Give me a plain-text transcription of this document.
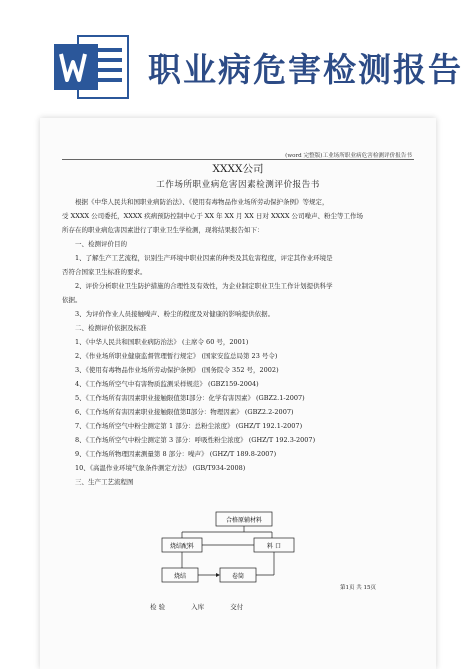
职业病危害检测报告
(word 完整版)工业场所职业病危害检测评价报告书
XXXX公司
工作场所职业病危害因素检测评价报告书

根据《中华人民共和国职业病防治法》、《使用有毒物品作业场所劳动保护条例》等规定，

受 XXXX 公司委托，XXXX 疾病预防控制中心于 XX 年 XX 月 XX 日对 XXXX 公司噪声、粉尘等工作场

所存在的职业病危害因素进行了职业卫生学检测，现将结果报告如下：

一、检测评价目的

1、了解生产工艺流程，识别生产环境中职业因素的种类及其危害程度，评定其作业环境是

否符合国家卫生标准的要求。

2、评价分析职业卫生防护措施的合理性及有效性，为企业制定职业卫生工作计划提供科学

依据。

3、为评价作业人员接触噪声、粉尘的程度及对健康的影响提供依据。

二、检测评价依据及标准

1、《中华人民共和国职业病防治法》 (主席令 60 号，2001)

2、《作业场所职业健康监督管理暂行规定》 (国家安监总局第 23 号令)

3、《使用有毒物品作业场所劳动保护条例》 (国务院令 352 号，2002)

4、《工作场所空气中有害物质监测采样规范》 (GBZ159-2004)

5、《工作场所有害因素职业接触限值第Ⅰ部分：化学有害因素》 (GBZ2.1-2007)

6、《工作场所有害因素职业接触限值第Ⅱ部分：物理因素》 (GBZ2.2-2007)

7、《工作场所空气中粉尘测定第 1 部分：总粉尘浓度》 (GHZ/T 192.1-2007)

8、《工作场所空气中粉尘测定第 3 部分：呼吸性粉尘浓度》 (GHZ/T 192.3-2007)

9、《工作场所物理因素测量第 8 部分：噪声》 (GHZ/T 189.8-2007)

10、《高温作业环境气象条件测定方法》 (GB/T934-2008)

三、生产工艺流程图

合格原辅材料
烧结配料	料 口
烧结	卷筒
第1页 共 15页
检 验	入库	交付
